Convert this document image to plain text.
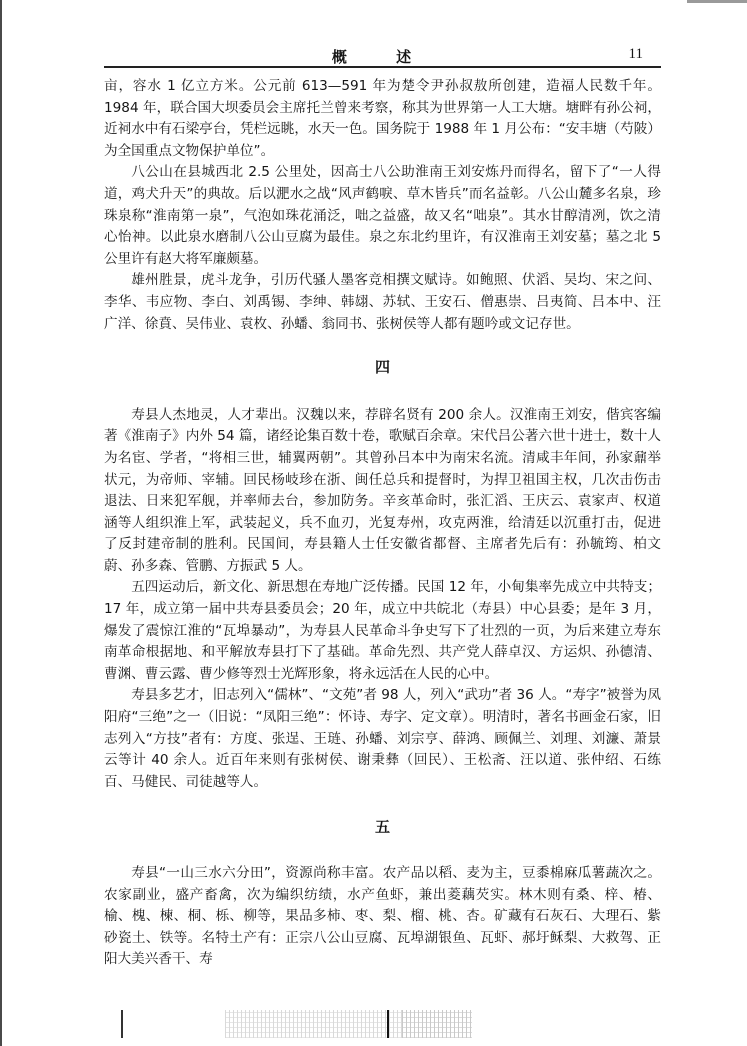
概 述	11

亩，容水 1 亿立方米。公元前 613—591 年为楚令尹孙叔敖所创建，造福人民数千年。1984 年，联合国大坝委员会主席托兰曾来考察，称其为世界第一人工大塘。塘畔有孙公祠，近祠水中有石梁亭台，凭栏远眺，水天一色。国务院于 1988 年 1 月公布：“安丰塘（芍陂）为全国重点文物保护单位”。

八公山在县城西北 2.5 公里处，因高士八公助淮南王刘安炼丹而得名，留下了“一人得道，鸡犬升天”的典故。后以淝水之战“风声鹤唳、草木皆兵”而名益彰。八公山麓多名泉，珍珠泉称“淮南第一泉”，气泡如珠花涌泛，咄之益盛，故又名“咄泉”。其水甘醇清冽，饮之清心怡神。以此泉水磨制八公山豆腐为最佳。泉之东北约里许，有汉淮南王刘安墓；墓之北 5 公里许有赵大将军廉颇墓。

雄州胜景，虎斗龙争，引历代骚人墨客竞相撰文赋诗。如鲍照、伏滔、吴均、宋之问、李华、韦应物、李白、刘禹锡、李绅、韩翃、苏轼、王安石、僧惠崇、吕夷简、吕本中、汪广洋、徐賁、吴伟业、袁枚、孙蟠、翁同书、张树侯等人都有题吟或文记存世。

四

寿县人杰地灵，人才辈出。汉魏以来，荐辟名贤有 200 余人。汉淮南王刘安，偕宾客编著《淮南子》内外 54 篇，诸经论集百数十卷，歌赋百余章。宋代吕公著六世十进士，数十人为名宦、学者，“将相三世，辅翼两朝”。其曾孙吕本中为南宋名流。清咸丰年间，孙家鼐举状元，为帝师、宰辅。回民杨岐珍在浙、闽任总兵和提督时，为捍卫祖国主权，几次击伤击退法、日来犯军舰，并率师去台，参加防务。辛亥革命时，张汇滔、王庆云、袁家声、权道涵等人组织淮上军，武装起义，兵不血刃，光复寿州，攻克两淮，给清廷以沉重打击，促进了反封建帝制的胜利。民国间，寿县籍人士任安徽省都督、主席者先后有：孙毓筠、柏文蔚、孙多森、管鹏、方振武 5 人。

五四运动后，新文化、新思想在寿地广泛传播。民国 12 年，小甸集率先成立中共特支；17 年，成立第一届中共寿县委员会；20 年，成立中共皖北（寿县）中心县委；是年 3 月，爆发了震惊江淮的“瓦埠暴动”，为寿县人民革命斗争史写下了壮烈的一页，为后来建立寿东南革命根据地、和平解放寿县打下了基础。革命先烈、共产党人薛卓汉、方运炽、孙德清、曹渊、曹云露、曹少修等烈士光辉形象，将永远活在人民的心中。

寿县多艺才，旧志列入“儒林”、“文苑”者 98 人，列入“武功”者 36 人。“寿字”被誉为凤阳府“三绝”之一（旧说：“凤阳三绝”：怀诗、寿字、定文章）。明清时，著名书画金石家，旧志列入“方技”者有：方度、张逞、王琏、孙蟠、刘宗亨、薛鸿、顾佩兰、刘理、刘濂、萧景云等计 40 余人。近百年来则有张树侯、谢秉彝（回民）、王松斋、汪以道、张仲绍、石练百、马健民、司徒越等人。

五

寿县“一山三水六分田”，资源尚称丰富。农产品以稻、麦为主，豆黍棉麻瓜薯蔬次之。农家副业，盛产畜禽，次为编织纺绩，水产鱼虾，兼出菱藕芡实。林木则有桑、梓、椿、榆、槐、楝、桐、栎、柳等，果品多柿、枣、梨、榴、桃、杏。矿藏有石灰石、大理石、紫砂瓷土、铁等。名特土产有：正宗八公山豆腐、瓦埠湖银鱼、瓦虾、郝圩稣梨、大救驾、正阳大美兴香干、寿
